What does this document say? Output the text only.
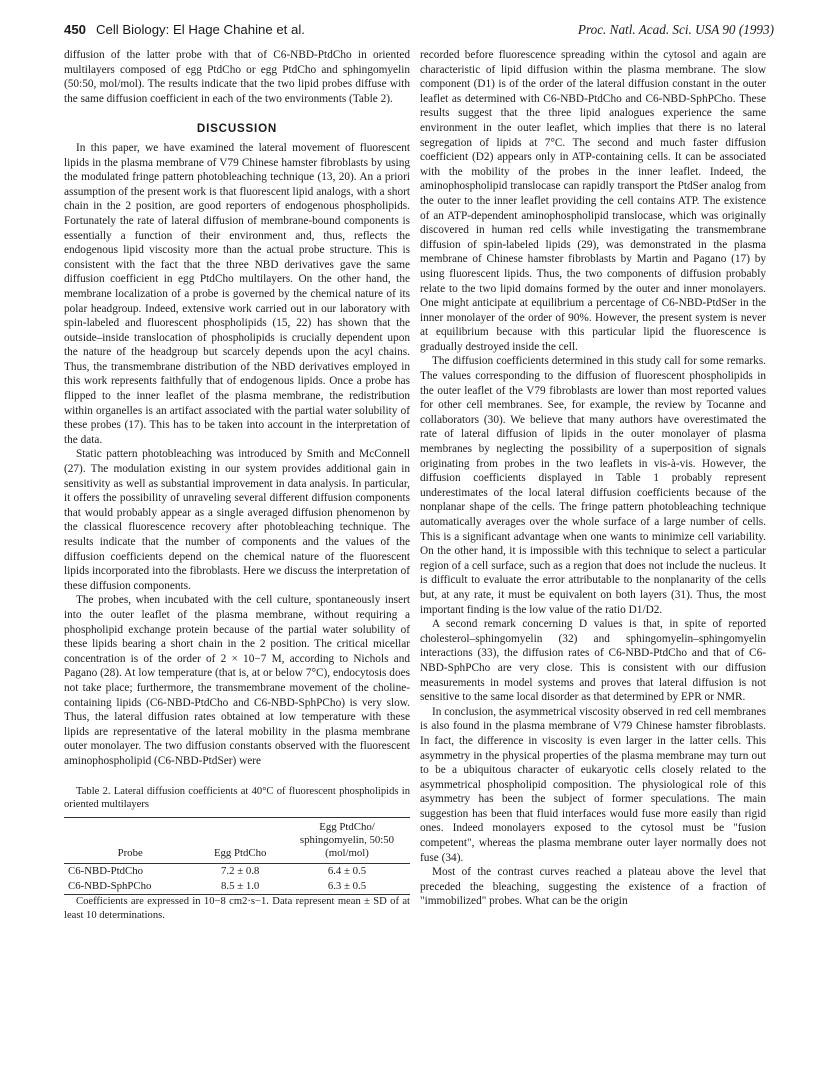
450 Cell Biology: El Hage Chahine et al.	Proc. Natl. Acad. Sci. USA 90 (1993)

diffusion of the latter probe with that of C6-NBD-PtdCho in oriented multilayers composed of egg PtdCho or egg PtdCho and sphingomyelin (50:50, mol/mol). The results indicate that the two lipid probes diffuse with the same diffusion coefficient in each of the two environments (Table 2).

DISCUSSION

In this paper, we have examined the lateral movement of fluorescent lipids in the plasma membrane of V79 Chinese hamster fibroblasts by using the modulated fringe pattern photobleaching technique (13, 20). An a priori assumption of the present work is that fluorescent lipid analogs, with a short chain in the 2 position, are good reporters of endogenous phospholipids. Fortunately the rate of lateral diffusion of membrane-bound components is essentially a function of their environment and, thus, reflects the endogenous lipid viscosity more than the actual probe structure. This is consistent with the fact that the three NBD derivatives gave the same diffusion coefficient in egg PtdCho multilayers. On the other hand, the membrane localization of a probe is governed by the chemical nature of its polar headgroup. Indeed, extensive work carried out in our laboratory with spin-labeled and fluorescent phospholipids (15, 22) has shown that the outside–inside translocation of phospholipids is crucially dependent upon the nature of the headgroup but scarcely depends upon the acyl chains. Thus, the transmembrane distribution of the NBD derivatives employed in this work represents faithfully that of endogenous lipids. Once a probe has flipped to the inner leaflet of the plasma membrane, the redistribution within organelles is an artifact associated with the partial water solubility of these probes (17). This has to be taken into account in the interpretation of the data.

Static pattern photobleaching was introduced by Smith and McConnell (27). The modulation existing in our system provides additional gain in sensitivity as well as substantial improvement in data analysis. In particular, it offers the possibility of unraveling several different diffusion components that would probably appear as a single averaged diffusion phenomenon by the classical fluorescence recovery after photobleaching technique. The results indicate that the number of components and the values of the diffusion coefficients depend on the chemical nature of the fluorescent lipids incorporated into the fibroblasts. Here we discuss the interpretation of these diffusion components.

The probes, when incubated with the cell culture, spontaneously insert into the outer leaflet of the plasma membrane, without requiring a phospholipid exchange protein because of the partial water solubility of these lipids bearing a short chain in the 2 position. The critical micellar concentration is of the order of 2 × 10−7 M, according to Nichols and Pagano (28). At low temperature (that is, at or below 7°C), endocytosis does not take place; furthermore, the transmembrane movement of the choline-containing lipids (C6-NBD-PtdCho and C6-NBD-SphPCho) is very slow. Thus, the lateral diffusion rates obtained at low temperature with these lipids are representative of the lateral mobility in the plasma membrane outer monolayer. The two diffusion constants observed with the fluorescent aminophospholipid (C6-NBD-PtdSer) were

Table 2. Lateral diffusion coefficients at 40°C of fluorescent phospholipids in oriented multilayers

Probe	Egg PtdCho	Egg PtdCho/ sphingomyelin, 50:50 (mol/mol)
C6-NBD-PtdCho	7.2 ± 0.8	6.4 ± 0.5
C6-NBD-SphPCho	8.5 ± 1.0	6.3 ± 0.5

Coefficients are expressed in 10−8 cm2·s−1. Data represent mean ± SD of at least 10 determinations.

recorded before fluorescence spreading within the cytosol and again are characteristic of lipid diffusion within the plasma membrane. The slow component (D1) is of the order of the lateral diffusion constant in the outer leaflet as determined with C6-NBD-PtdCho and C6-NBD-SphPCho. These results suggest that the three lipid analogues experience the same environment in the outer leaflet, which implies that there is no lateral segregation of lipids at 7°C. The second and much faster diffusion coefficient (D2) appears only in ATP-containing cells. It can be associated with the mobility of the probes in the inner leaflet. Indeed, the aminophospholipid translocase can rapidly transport the PtdSer analog from the outer to the inner leaflet providing the cell contains ATP. The existence of an ATP-dependent aminophospholipid translocase, which was originally discovered in human red cells while investigating the transmembrane diffusion of spin-labeled lipids (29), was demonstrated in the plasma membrane of Chinese hamster fibroblasts by Martin and Pagano (17) by using fluorescent lipids. Thus, the two components of diffusion probably relate to the two lipid domains formed by the outer and inner monolayers. One might anticipate at equilibrium a percentage of C6-NBD-PtdSer in the inner monolayer of the order of 90%. However, the present system is never at equilibrium because with this particular lipid the fluorescence is gradually destroyed inside the cell.

The diffusion coefficients determined in this study call for some remarks. The values corresponding to the diffusion of fluorescent phospholipids in the outer leaflet of the V79 fibroblasts are lower than most reported values for other cell membranes. See, for example, the review by Tocanne and collaborators (30). We believe that many authors have overestimated the rate of lateral diffusion of lipids in the outer monolayer of plasma membranes by neglecting the possibility of a superposition of signals originating from probes in the two leaflets in vis-à-vis. However, the diffusion coefficients displayed in Table 1 probably represent underestimates of the local lateral diffusion coefficients because of the nonplanar shape of the cells. The fringe pattern photobleaching technique automatically averages over the whole surface of a large number of cells. This is a significant advantage when one wants to minimize cell variability. On the other hand, it is impossible with this technique to select a particular region of a cell surface, such as a region that does not include the nucleus. It is difficult to evaluate the error attributable to the nonplanarity of the cells but, at any rate, it must be equivalent on both layers (31). Thus, the most important finding is the low value of the ratio D1/D2.

A second remark concerning D values is that, in spite of reported cholesterol–sphingomyelin (32) and sphingomyelin–sphingomyelin interactions (33), the diffusion rates of C6-NBD-PtdCho and that of C6-NBD-SphPCho are very close. This is consistent with our diffusion measurements in model systems and proves that lateral diffusion is not sensitive to the same local disorder as that determined by EPR or NMR.

In conclusion, the asymmetrical viscosity observed in red cell membranes is also found in the plasma membrane of V79 Chinese hamster fibroblasts. In fact, the difference in viscosity is even larger in the latter cells. This asymmetry in the physical properties of the plasma membrane may turn out to be a ubiquitous character of eukaryotic cells closely related to the asymmetrical phospholipid composition. The physiological role of this asymmetry has been the subject of former speculations. The main suggestion has been that fluid interfaces would fuse more easily than rigid ones. Indeed monolayers exposed to the cytosol must be "fusion competent", whereas the plasma membrane outer layer normally does not fuse (34).

Most of the contrast curves reached a plateau above the level that preceded the bleaching, suggesting the existence of a fraction of "immobilized" probes. What can be the origin
